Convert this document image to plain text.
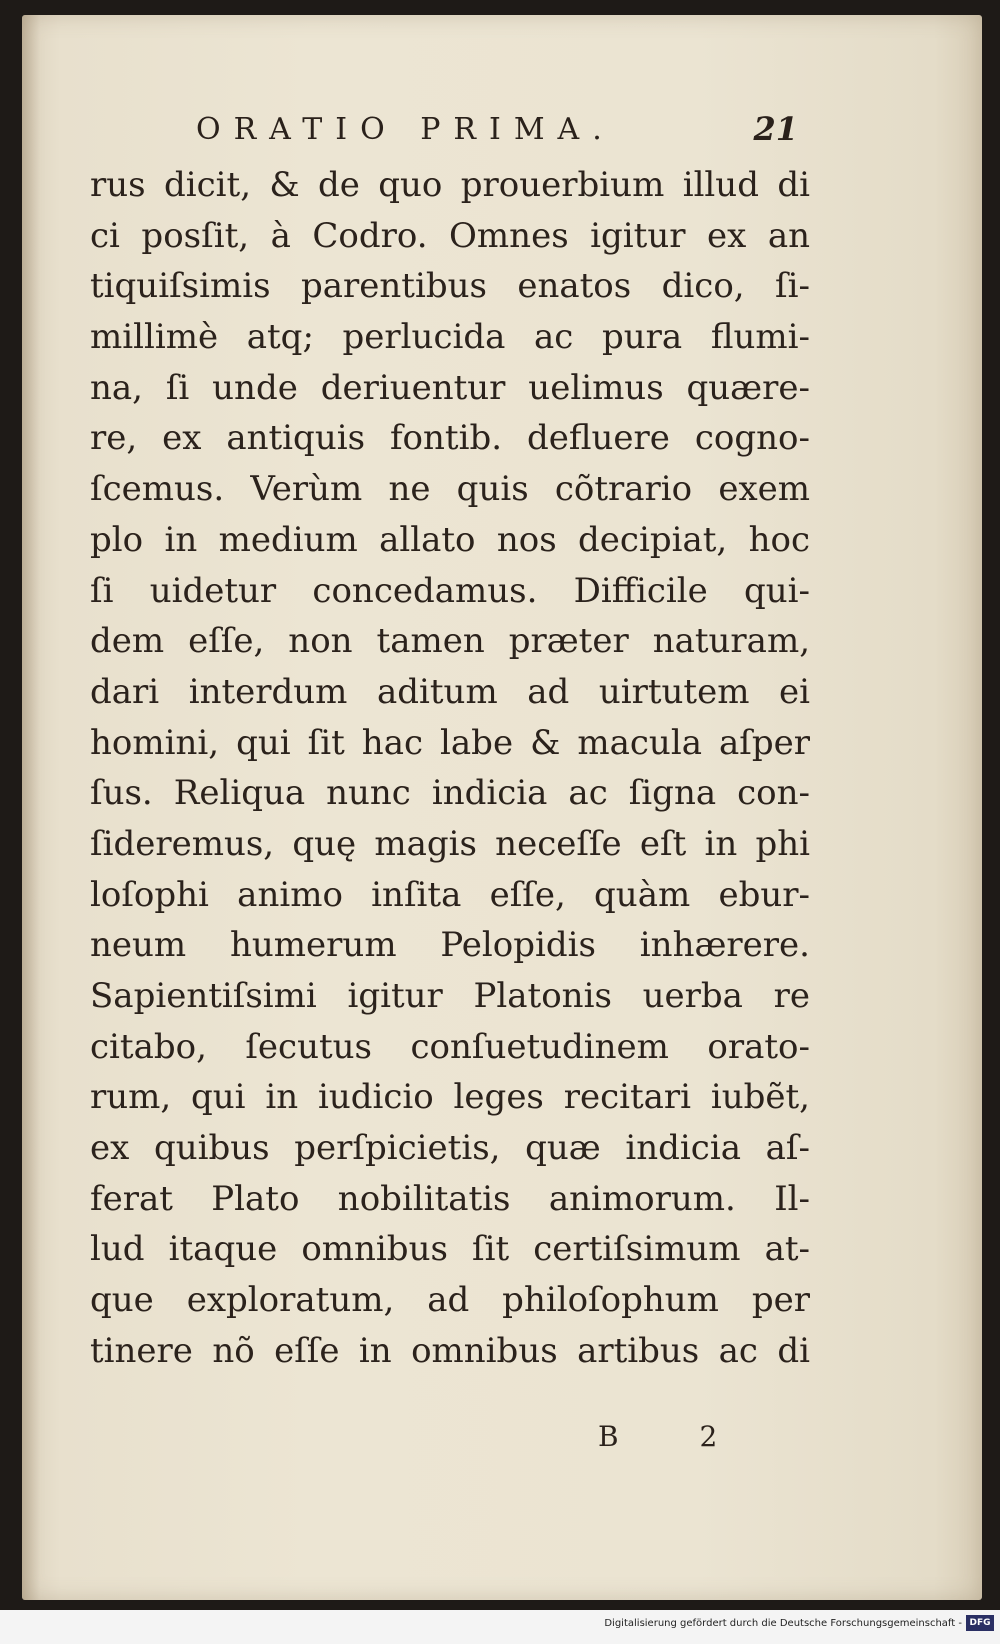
ORATIO PRIMA.	21
rus dicit, & de quo prouerbium illud di
ci posſit, à Codro. Omnes igitur ex an
tiquiſsimis parentibus enatos dico, ſi-
millimè atq; perlucida ac pura flumi-
na, ſi unde deriuentur uelimus quære-
re, ex antiquis fontib. defluere cogno-
ſcemus. Verùm ne quis cõtrario exem
plo in medium allato nos decipiat, hoc
ſi uidetur concedamus. Difficile qui-
dem eſſe, non tamen præter naturam,
dari interdum aditum ad uirtutem ei
homini, qui ſit hac labe & macula aſper
ſus. Reliqua nunc indicia ac ſigna con-
ſideremus, quę magis neceſſe eſt in phi
loſophi animo inſita eſſe, quàm ebur-
neum humerum Pelopidis inhærere.
Sapientiſsimi igitur Platonis uerba re
citabo, ſecutus conſuetudinem orato-
rum, qui in iudicio leges recitari iubẽt,
ex quibus perſpicietis, quæ indicia aſ-
ferat Plato nobilitatis animorum. Il-
lud itaque omnibus ſit certiſsimum at-
que exploratum, ad philoſophum per
tinere nõ eſſe in omnibus artibus ac di
B 2
Digitalisierung gefördert durch die Deutsche Forschungsgemeinschaft - DFG
